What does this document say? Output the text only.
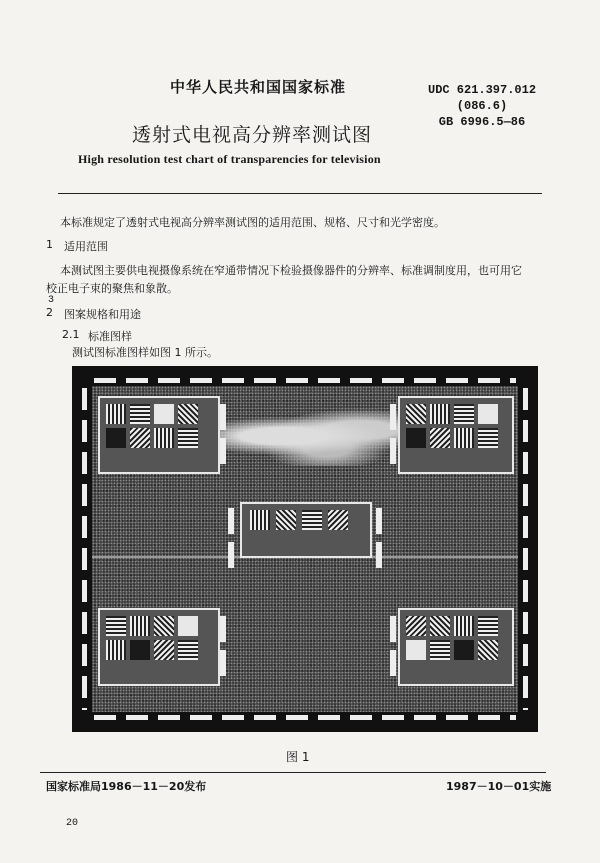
中华人民共和国国家标准	UDC 621.397.012
(086.6)
GB 6996.5—86
透射式电视高分辨率测试图
High resolution test chart of transparencies for television
本标准规定了透射式电视高分辨率测试图的适用范围、规格、尺寸和光学密度。
1 适用范围
本测试图主要供电视摄像系统在窄通带情况下检验摄像器件的分辨率、标准调制度用，也可用它
校正电子束的聚焦和象散。
3
2 图案规格和用途
2.1 标准图样
测试图标准图样如图 1 所示。
图 1
国家标准局1986－11－20发布	1987－10－01实施
20
